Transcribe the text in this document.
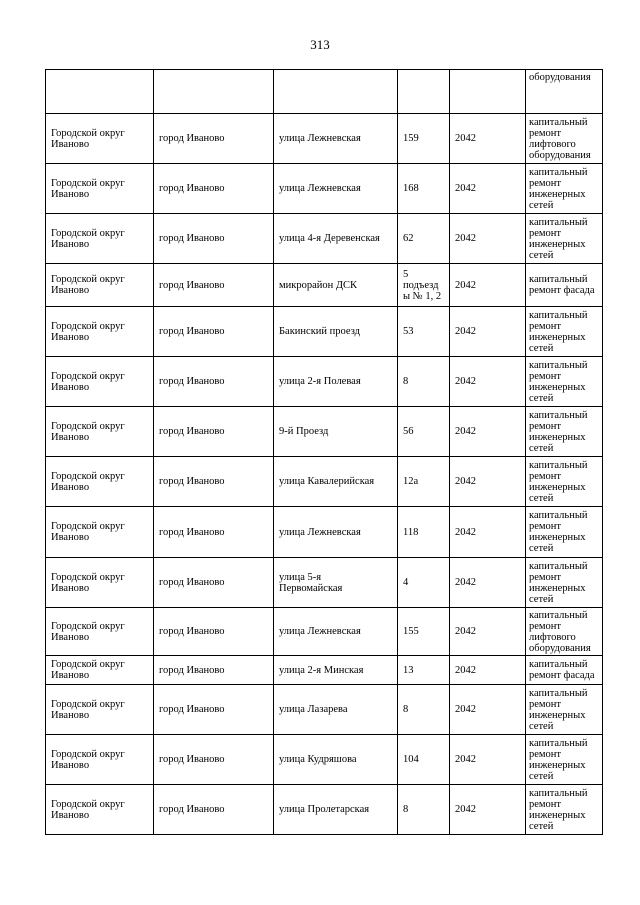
313
					оборудования
Городской округ Иваново	город Иваново	улица Лежневская	159	2042	капитальный
ремонт
лифтового
оборудования
Городской округ Иваново	город Иваново	улица Лежневская	168	2042	капитальный
ремонт
инженерных
сетей
Городской округ Иваново	город Иваново	улица 4-я Деревенская	62	2042	капитальный
ремонт
инженерных
сетей
Городской округ Иваново	город Иваново	микрорайон ДСК	5
подъезд
ы № 1, 2	2042	капитальный
ремонт фасада
Городской округ Иваново	город Иваново	Бакинский проезд	53	2042	капитальный
ремонт
инженерных
сетей
Городской округ Иваново	город Иваново	улица 2-я Полевая	8	2042	капитальный
ремонт
инженерных
сетей
Городской округ Иваново	город Иваново	9-й Проезд	56	2042	капитальный
ремонт
инженерных
сетей
Городской округ Иваново	город Иваново	улица Кавалерийская	12а	2042	капитальный
ремонт
инженерных
сетей
Городской округ Иваново	город Иваново	улица Лежневская	118	2042	капитальный
ремонт
инженерных
сетей
Городской округ Иваново	город Иваново	улица 5-я
Первомайская	4	2042	капитальный
ремонт
инженерных
сетей
Городской округ Иваново	город Иваново	улица Лежневская	155	2042	капитальный
ремонт
лифтового
оборудования
Городской округ Иваново	город Иваново	улица 2-я Минская	13	2042	капитальный
ремонт фасада
Городской округ Иваново	город Иваново	улица Лазарева	8	2042	капитальный
ремонт
инженерных
сетей
Городской округ Иваново	город Иваново	улица Кудряшова	104	2042	капитальный
ремонт
инженерных
сетей
Городской округ Иваново	город Иваново	улица Пролетарская	8	2042	капитальный
ремонт
инженерных
сетей
